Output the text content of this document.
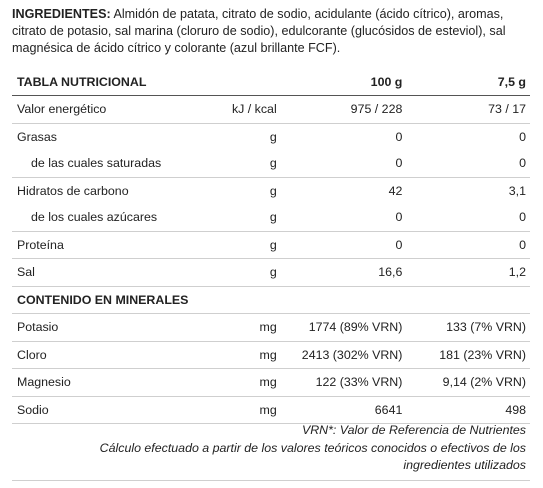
INGREDIENTES: Almidón de patata, citrato de sodio, acidulante (ácido cítrico), aromas, citrato de potasio, sal marina (cloruro de sodio), edulcorante (glucósidos de esteviol), sal magnésica de ácido cítrico y colorante (azul brillante FCF).
TABLA NUTRICIONAL		100 g	7,5 g
Valor energético	kJ / kcal	975 / 228	73 / 17
Grasas	g	0	0
de las cuales saturadas	g	0	0
Hidratos de carbono	g	42	3,1
de los cuales azúcares	g	0	0
Proteína	g	0	0
Sal	g	16,6	1,2
CONTENIDO EN MINERALES			
Potasio	mg	1774 (89% VRN)	133 (7% VRN)
Cloro	mg	2413 (302% VRN)	181 (23% VRN)
Magnesio	mg	122 (33% VRN)	9,14 (2% VRN)
Sodio	mg	6641	498
VRN*: Valor de Referencia de Nutrientes
Cálculo efectuado a partir de los valores teóricos conocidos o efectivos de los ingredientes utilizados
